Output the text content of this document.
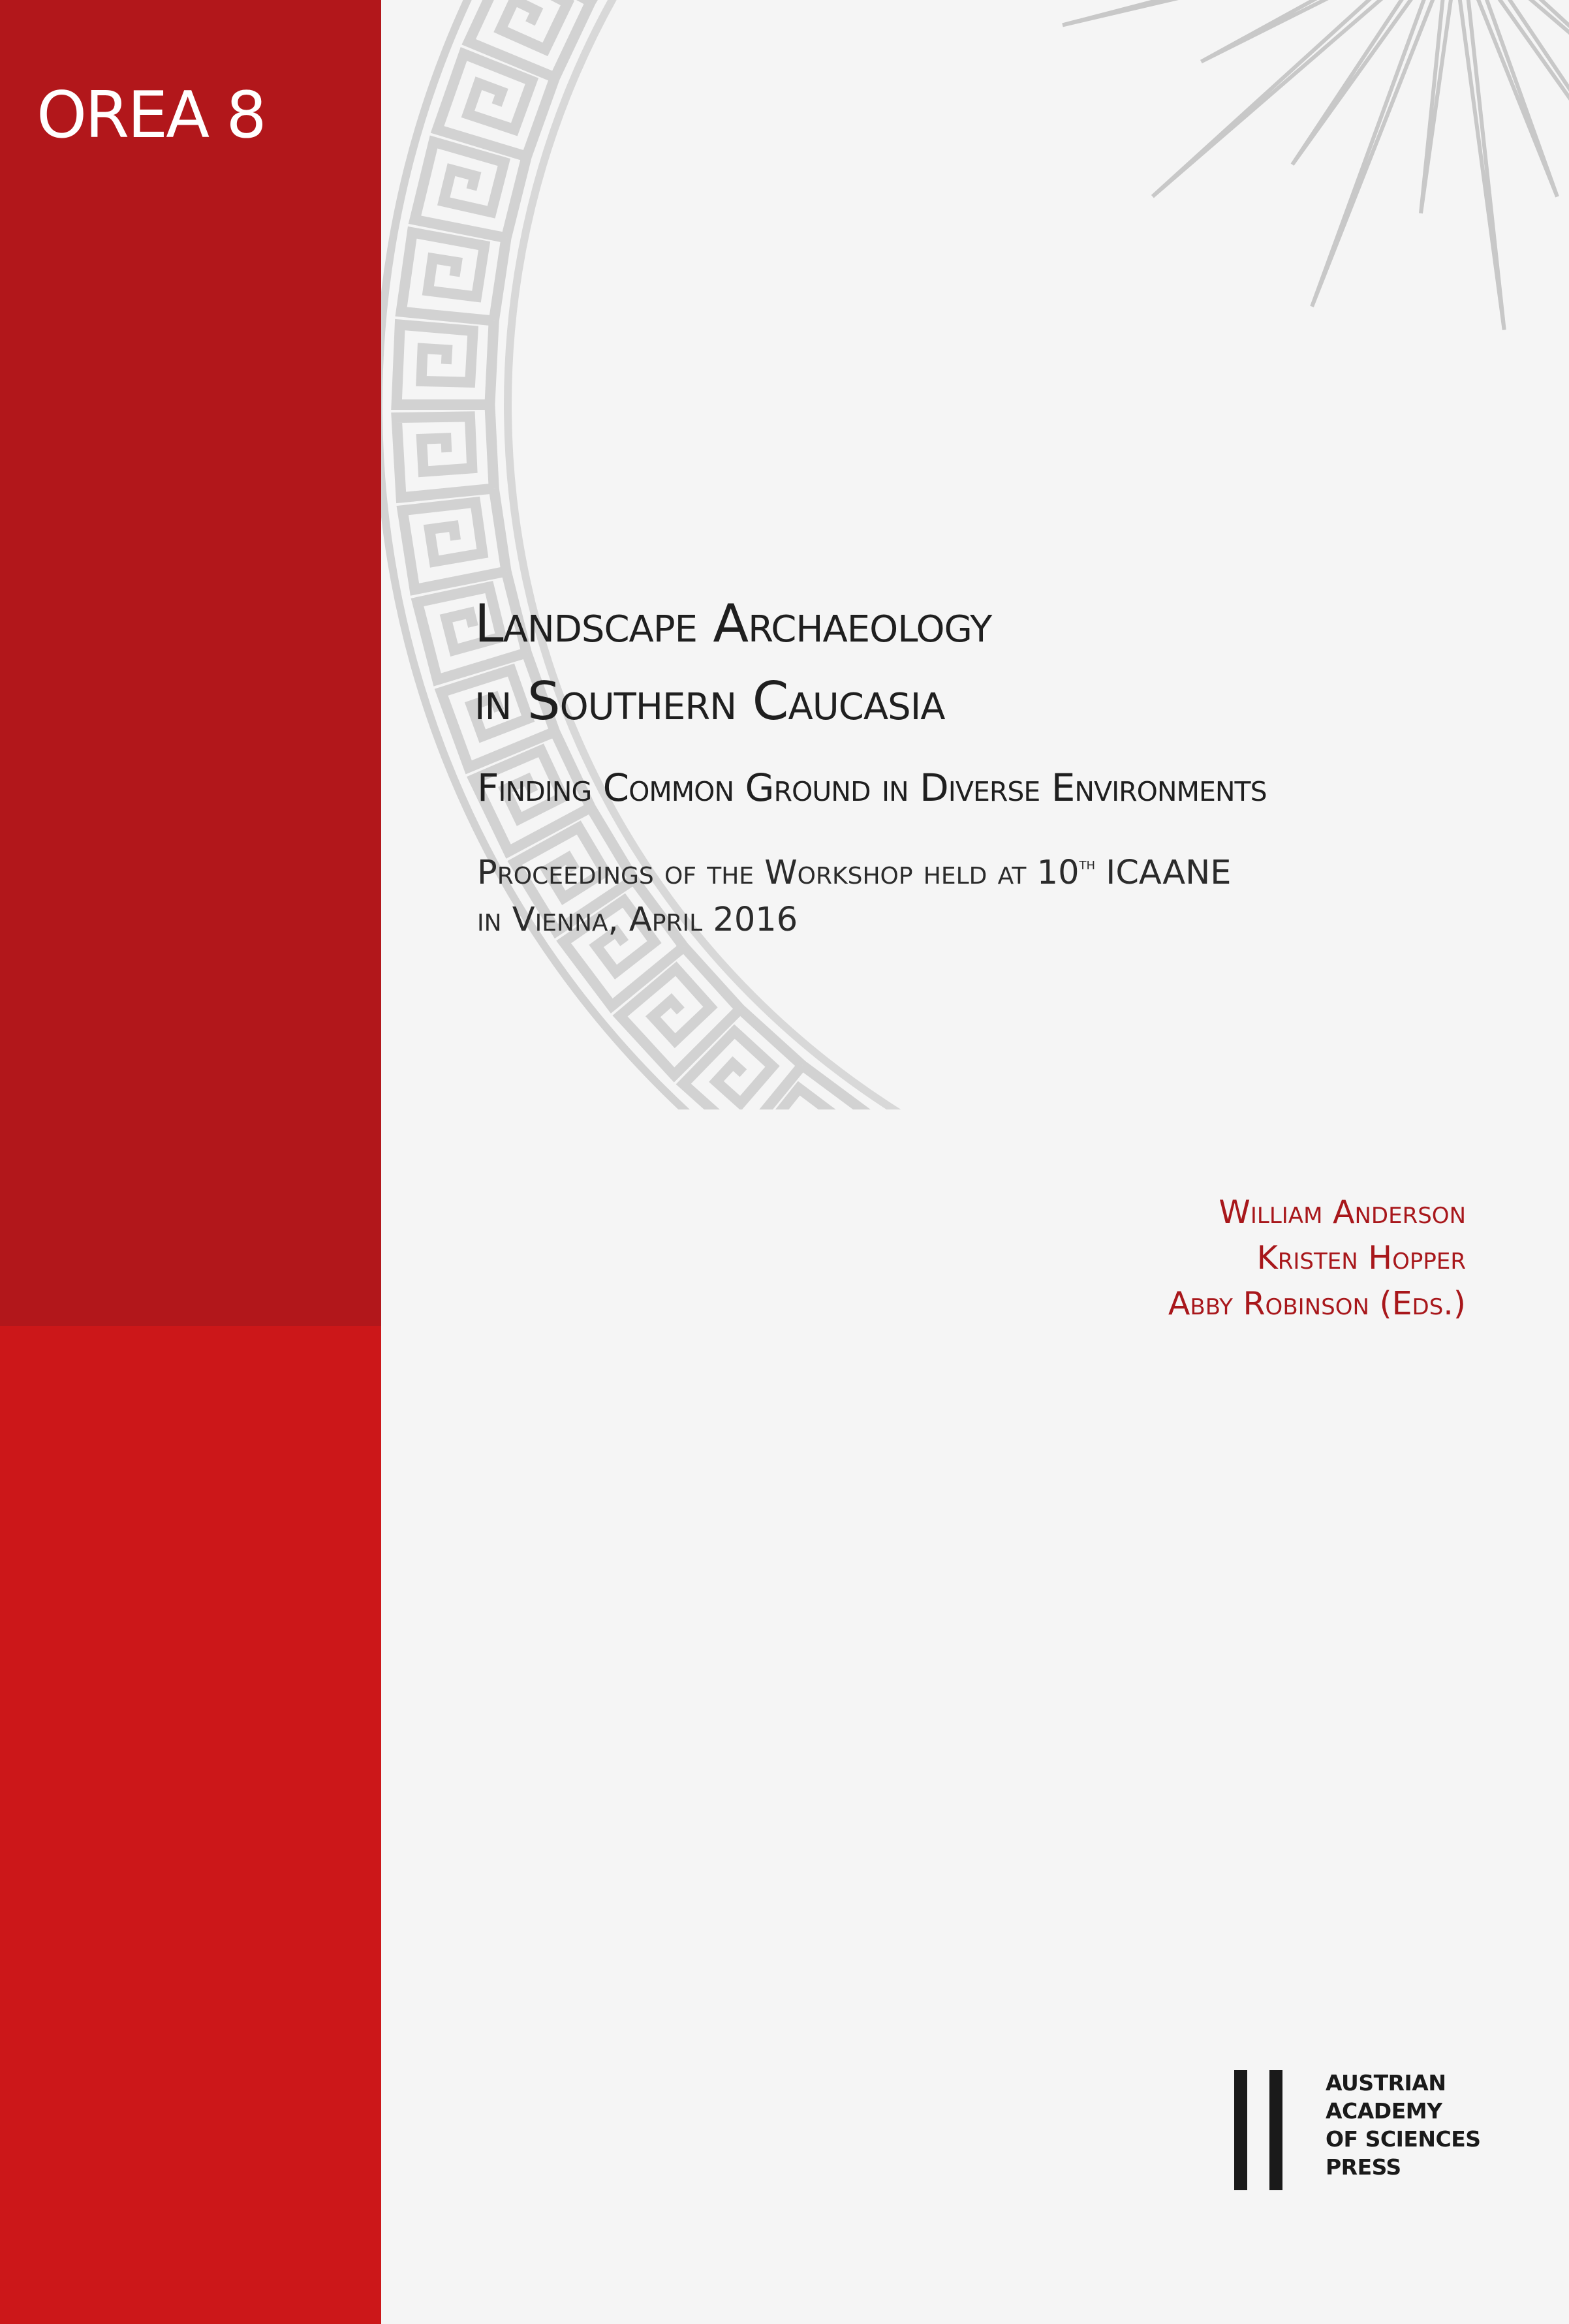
OREA 8
Landscape Archaeology
in Southern Caucasia
Finding Common Ground in Diverse Environments

Proceedings of the Workshop held at 10th ICAANE
in Vienna, April 2016

William Anderson
Kristen Hopper
Abby Robinson (Eds.)

AUSTRIAN
ACADEMY
OF SCIENCES
PRESS
